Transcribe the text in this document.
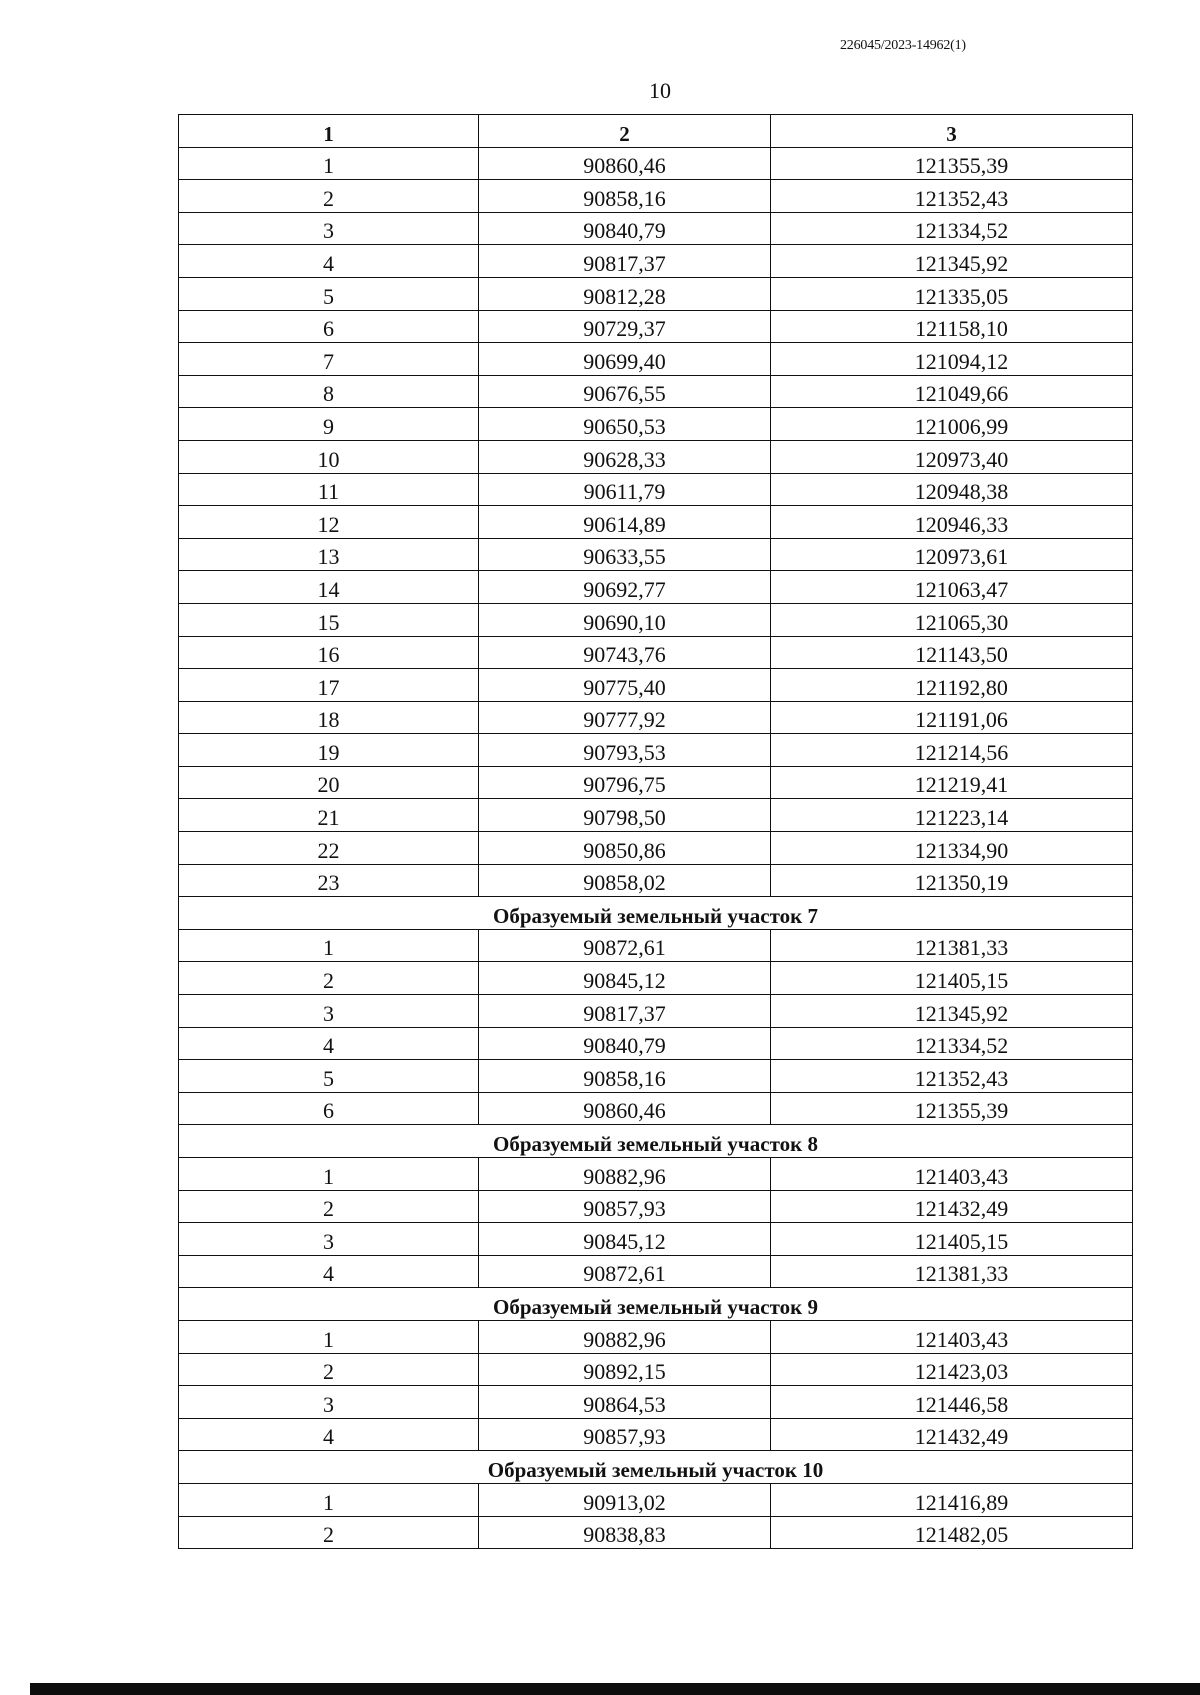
226045/2023-14962(1)
10
1	2	3
1	90860,46	121355,39
2	90858,16	121352,43
3	90840,79	121334,52
4	90817,37	121345,92
5	90812,28	121335,05
6	90729,37	121158,10
7	90699,40	121094,12
8	90676,55	121049,66
9	90650,53	121006,99
10	90628,33	120973,40
11	90611,79	120948,38
12	90614,89	120946,33
13	90633,55	120973,61
14	90692,77	121063,47
15	90690,10	121065,30
16	90743,76	121143,50
17	90775,40	121192,80
18	90777,92	121191,06
19	90793,53	121214,56
20	90796,75	121219,41
21	90798,50	121223,14
22	90850,86	121334,90
23	90858,02	121350,19
Образуемый земельный участок 7		
1	90872,61	121381,33
2	90845,12	121405,15
3	90817,37	121345,92
4	90840,79	121334,52
5	90858,16	121352,43
6	90860,46	121355,39
Образуемый земельный участок 8		
1	90882,96	121403,43
2	90857,93	121432,49
3	90845,12	121405,15
4	90872,61	121381,33
Образуемый земельный участок 9		
1	90882,96	121403,43
2	90892,15	121423,03
3	90864,53	121446,58
4	90857,93	121432,49
Образуемый земельный участок 10		
1	90913,02	121416,89
2	90838,83	121482,05
